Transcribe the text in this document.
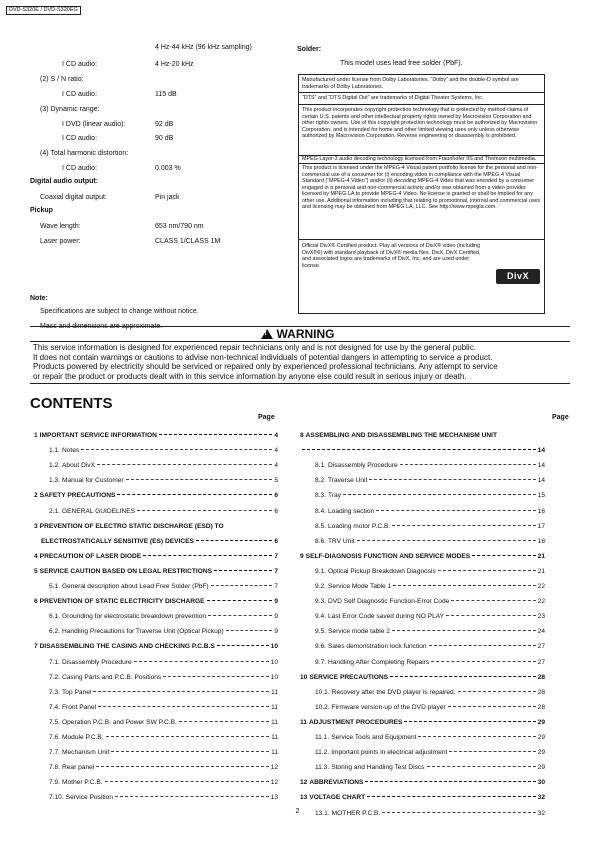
DVD-S320E / DVD-S320EG
4 Hz-44 kHz (96 kHz sampling)
I CD audio:	4 Hz-20 kHz
(2) S / N ratio:
I CD audio:	115 dB
(3) Dynamic range:
I DVD (linear audio):	92 dB
I CD audio:	90 dB
(4) Total harmonic distortion:
I CD audio:	0.003 %
Digital audio output:
Coaxial digital output:	Pin jack
Pickup
Wave length:	653 nm/790 nm
Laser power:	CLASS 1/CLASS 1M
Solder:
This model uses lead free solder (PbF).

Manufactured under license from Dolby Laboratories. “Dolby” and the double-D symbol are trademarks of Dolby Laboratories.

“DTS” and “DTS Digital Out” are trademarks of Digital Theater Systems, Inc.

This product incorporates copyright protection technology that is protected by method claims of certain U.S. patents and other intellectual property rights owned by Macrovision Corporation and other rights owners. Use of this copyright protection technology must be authorized by Macrovision Corporation, and is intended for home and other limited viewing uses only unless otherwise authorized by Macrovision Corporation. Reverse engineering or disassembly is prohibited.

MPEG Layer-3 audio decoding technology licensed from Fraunhofer IIS and Thomson multimedia.

This product is licensed under the MPEG-4 Visual patent portfolio license for the personal and non-commercial use of a consumer for (i) encoding video in compliance with the MPEG-4 Visual Standard (“MPEG-4 Video”) and/or (ii) decoding MPEG-4 Video that was encoded by a consumer engaged in a personal and non-commercial activity and/or was obtained from a video provider licensed by MPEG LA to provide MPEG-4 Video. No license is granted or shall be implied for any other use. Additional information including that relating to promotional, internal and commercial uses and licensing may be obtained from MPEG LA, LLC. See http://www.mpegla.com.

Official DivX® Certified product. Play all versions of DivX® video (including DivX®6) with standard playback of DivX® media files. DivX, DivX Certified, and associated logos are trademarks of DivX, Inc. and are used under license.

DivX
Note:
Specifications are subject to change without notice.
Mass and dimensions are approximate.
!WARNING
This service information is designed for experienced repair technicians only and is not designed for use by the general public.
It does not contain warnings or cautions to advise non-technical individuals of potential dangers in attempting to service a product.
Products powered by electricity should be serviced or repaired only by experienced professional technicians. Any attempt to service
or repair the product or products dealt with in this service information by anyone else could result in serious injury or death.
CONTENTS
Page	Page
1 IMPORTANT SERVICE INFORMATION	4
1.1. Notes	4
1.2. About DivX	4
1.3. Manual for Customer	5
2 SAFETY PRECAUTIONS	6
2.1. GENERAL GUIDELINES	6
3 PREVENTION OF ELECTRO STATIC DISCHARGE (ESD) TO
ELECTROSTATICALLY SENSITIVE (ES) DEVICES	6
4 PRECAUTION OF LASER DIODE	7
5 SERVICE CAUTION BASED ON LEGAL RESTRICTIONS	7
5.1. General description about Lead Free Solder (PbF)	7
6 PREVENTION OF STATIC ELECTRICITY DISCHARGE	9
6.1. Grounding for electrostatic breakdown prevention	9
6.2. Handling Precautions for Traverse Unit (Optical Pickup)	9
7 DISASSEMBLING THE CASING AND CHECKING P.C.B.S	10
7.1. Disassembly Procedure	10
7.2. Casing Parts and P.C.B. Positions	10
7.3. Top Panel	11
7.4. Front Panel	11
7.5. Operation P.C.B. and Power SW P.C.B.	11
7.6. Module P.C.B.	11
7.7. Mechanism Unit	11
7.8. Rear panel	12
7.9. Mother P.C.B.	12
7.10. Service Position	13
8 ASSEMBLING AND DISASSEMBLING THE MECHANISM UNIT
14
8.1. Disassembly Procedure	14
8.2. Traverse Unit	14
8.3. Tray	15
8.4. Loading section	16
8.5. Loading motor P.C.B.	17
8.6. TRV Unit	18
9 SELF-DIAGNOSIS FUNCTION AND SERVICE MODES	21
9.1. Optical Pickup Breakdown Diagnosis	21
9.2. Service Mode Table 1	22
9.3. DVD Self Diagnostic Function-Error Code	22
9.4. Last Error Code saved during NO PLAY	23
9.5. Service mode table 2	24
9.6. Sales demonstration lock function	27
9.7. Handling After Completing Repairs	27
10 SERVICE PRECAUTIONS	28
10.1. Recovery after the DVD player is repaired.	28
10.2. Firmware version-up of the DVD player	28
11 ADJUSTMENT PROCEDURES	29
11.1. Service Tools and Equipment	29
11.2. Important points in electrical adjustment	29
11.3. Storing and Handling Test Discs	29
12 ABBREVIATIONS	30
13 VOLTAGE CHART	32
13.1. MOTHER P.C.B.	32
2
